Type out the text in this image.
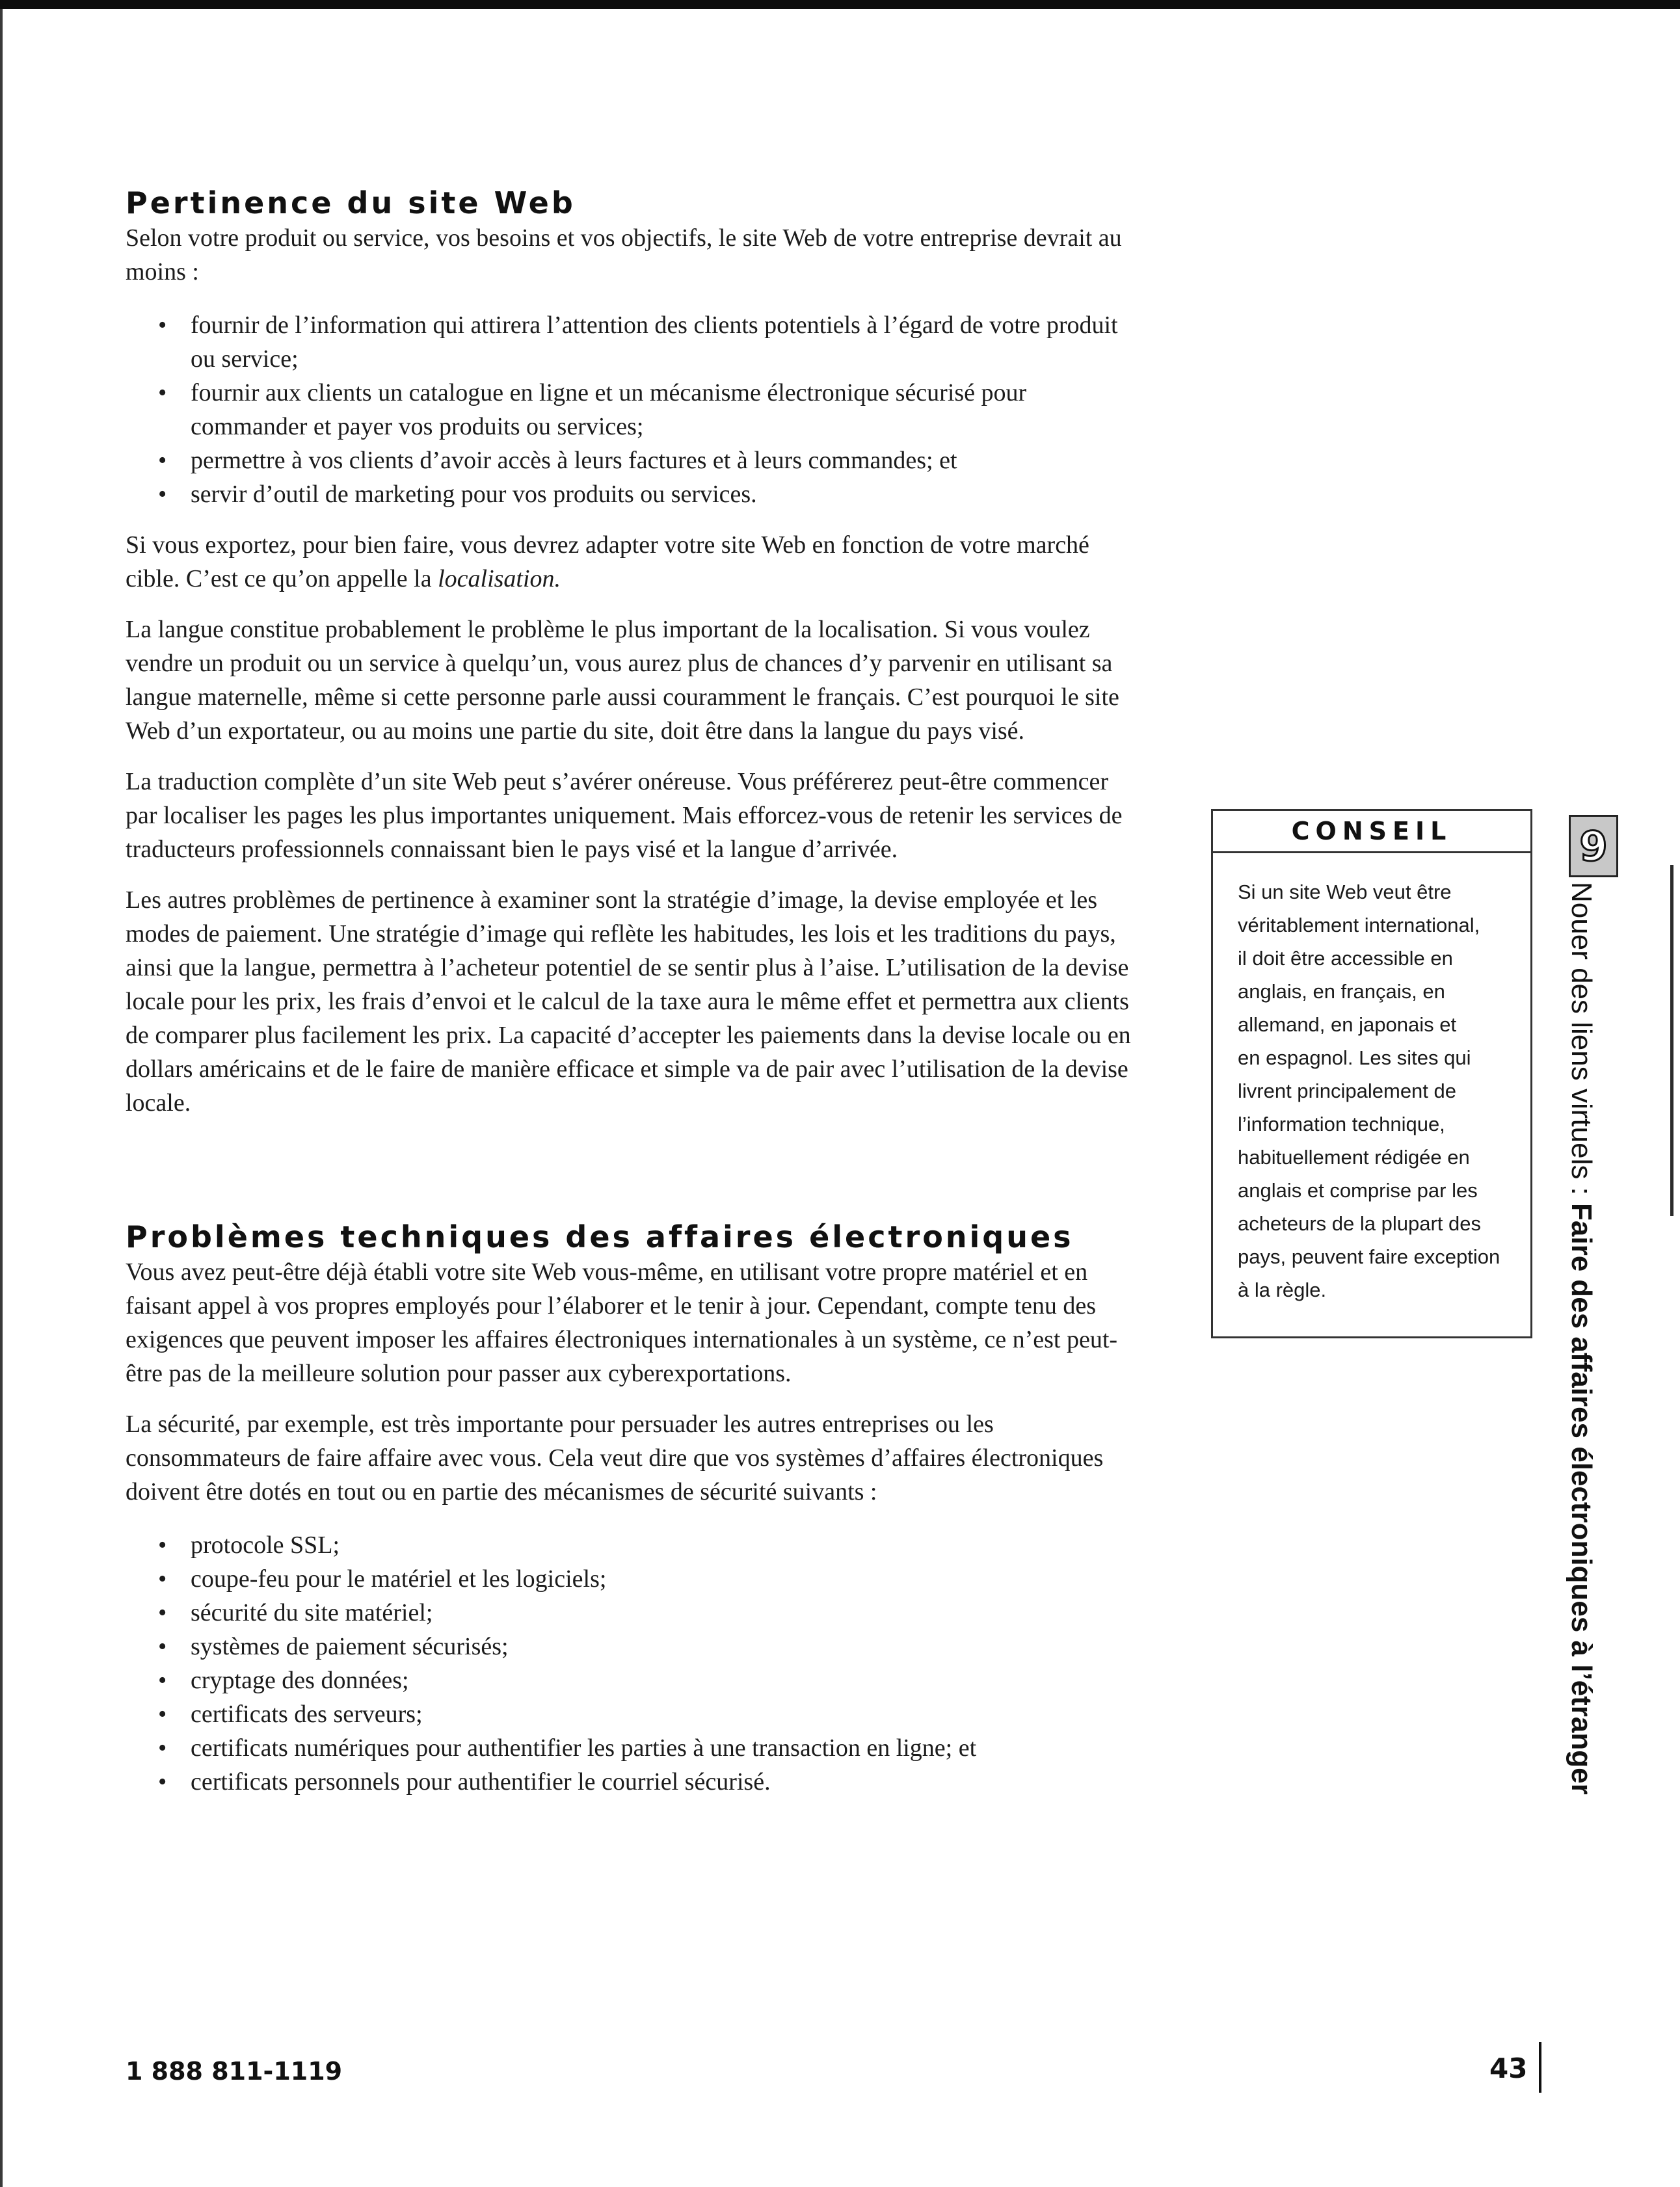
Pertinence du site Web

Selon votre produit ou service, vos besoins et vos objectifs, le site Web de votre entreprise devrait au moins :

• fournir de l’information qui attirera l’attention des clients potentiels à l’égard de votre produit ou service;
• fournir aux clients un catalogue en ligne et un mécanisme électronique sécurisé pour commander et payer vos produits ou services;
• permettre à vos clients d’avoir accès à leurs factures et à leurs commandes; et
• servir d’outil de marketing pour vos produits ou services.

Si vous exportez, pour bien faire, vous devrez adapter votre site Web en fonction de votre marché cible. C’est ce qu’on appelle la localisation.

La langue constitue probablement le problème le plus important de la localisation. Si vous voulez vendre un produit ou un service à quelqu’un, vous aurez plus de chances d’y parvenir en utilisant sa langue maternelle, même si cette personne parle aussi couramment le français. C’est pourquoi le site Web d’un exportateur, ou au moins une partie du site, doit être dans la langue du pays visé.

La traduction complète d’un site Web peut s’avérer onéreuse. Vous préférerez peut-être commencer par localiser les pages les plus importantes uniquement. Mais efforcez-vous de retenir les services de traducteurs professionnels connaissant bien le pays visé et la langue d’arrivée.

Les autres problèmes de pertinence à examiner sont la stratégie d’image, la devise employée et les modes de paiement. Une stratégie d’image qui reflète les habitudes, les lois et les traditions du pays, ainsi que la langue, permettra à l’acheteur potentiel de se sentir plus à l’aise. L’utilisation de la devise locale pour les prix, les frais d’envoi et le calcul de la taxe aura le même effet et permettra aux clients de comparer plus facilement les prix. La capacité d’accepter les paiements dans la devise locale ou en dollars américains et de le faire de manière efficace et simple va de pair avec l’utilisation de la devise locale.

Problèmes techniques des affaires électroniques

Vous avez peut-être déjà établi votre site Web vous-même, en utilisant votre propre matériel et en faisant appel à vos propres employés pour l’élaborer et le tenir à jour. Cependant, compte tenu des exigences que peuvent imposer les affaires électroniques internationales à un système, ce n’est peut-être pas de la meilleure solution pour passer aux cyberexportations.

La sécurité, par exemple, est très importante pour persuader les autres entreprises ou les consommateurs de faire affaire avec vous. Cela veut dire que vos systèmes d’affaires électroniques doivent être dotés en tout ou en partie des mécanismes de sécurité suivants :

• protocole SSL;
• coupe-feu pour le matériel et les logiciels;
• sécurité du site matériel;
• systèmes de paiement sécurisés;
• cryptage des données;
• certificats des serveurs;
• certificats numériques pour authentifier les parties à une transaction en ligne; et
• certificats personnels pour authentifier le courriel sécurisé.
CONSEIL
Si un site Web veut être
véritablement international,
il doit être accessible en
anglais, en français, en
allemand, en japonais et
en espagnol. Les sites qui
livrent principalement de
l’information technique,
habituellement rédigée en
anglais et comprise par les
acheteurs de la plupart des
pays, peuvent faire exception
à la règle.
9
Nouer des liens virtuels : Faire des affaires électroniques à l’étranger
1 888 811-1119	43
